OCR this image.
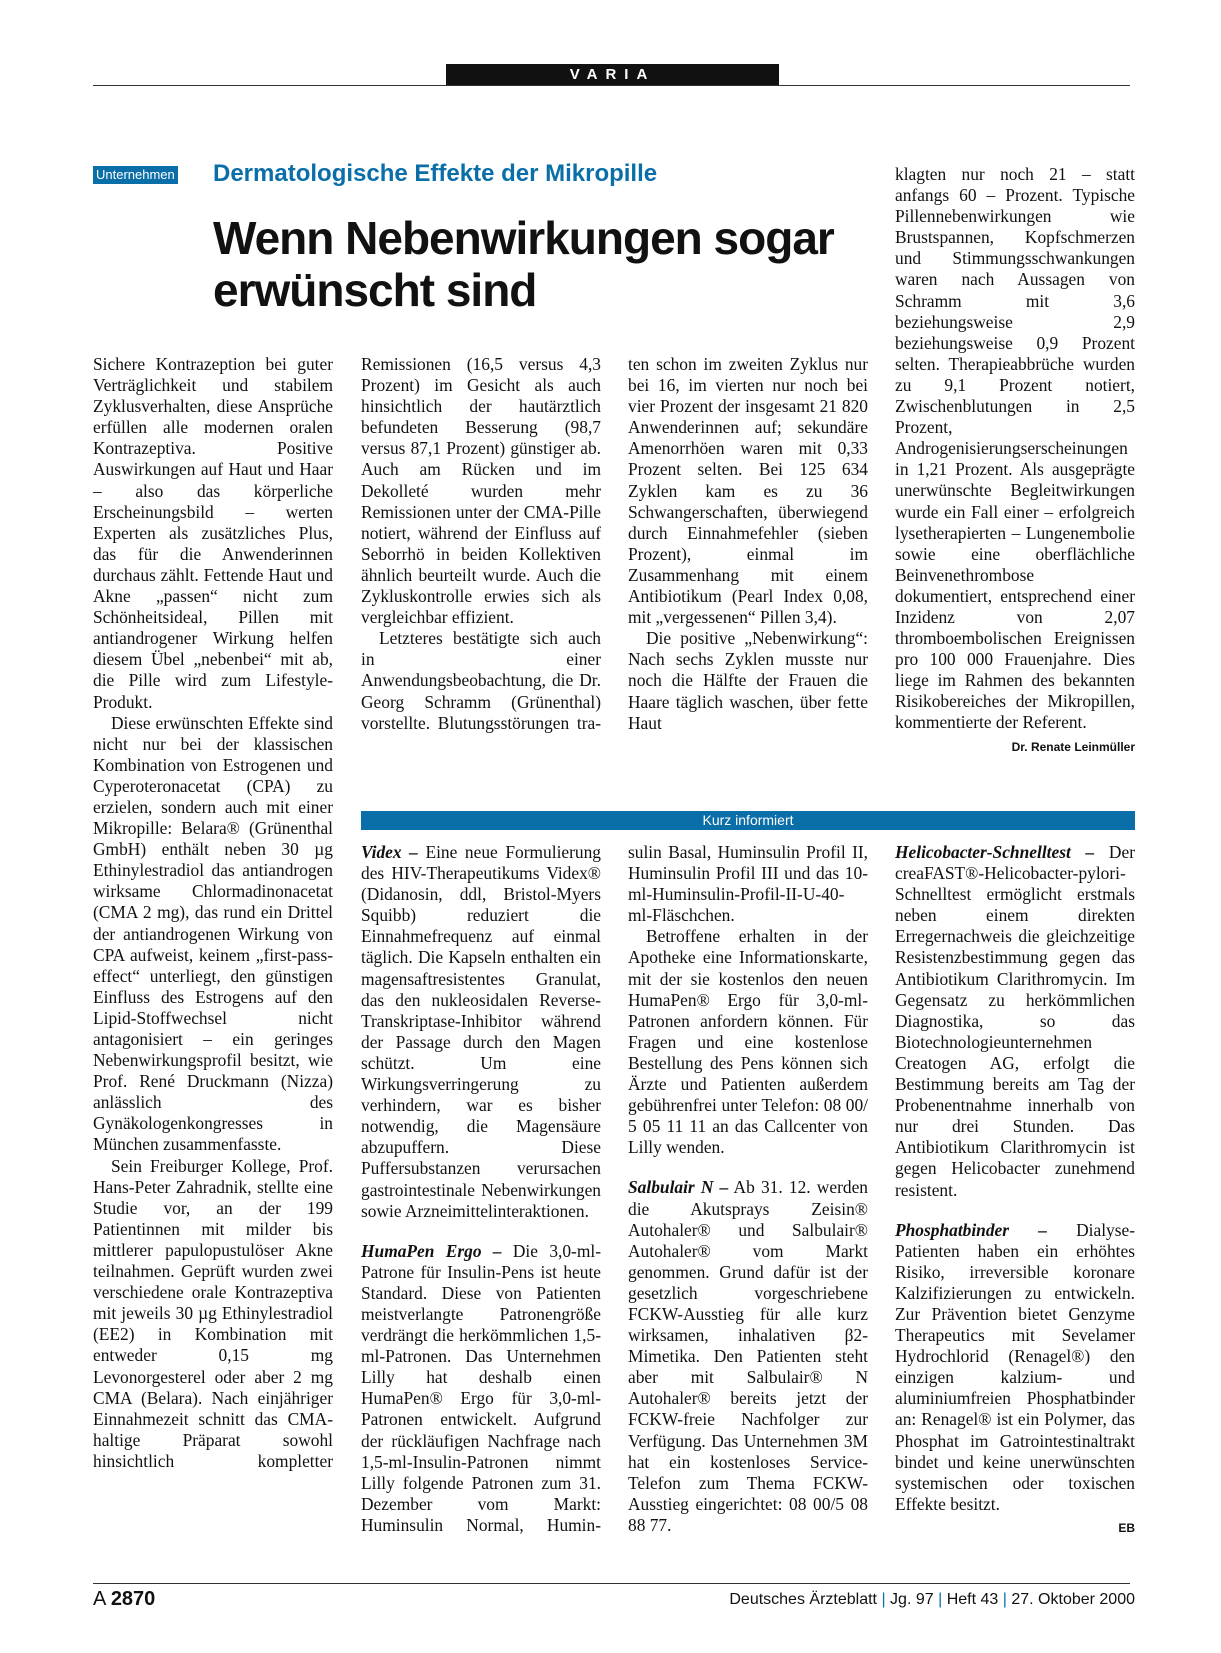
VARIA
Unternehmen Dermatologische Effekte der Mikropille
Wenn Nebenwirkungen sogar erwünscht sind

Sichere Kontrazeption bei guter Verträglichkeit und stabilem Zyklusverhalten, diese Ansprüche erfüllen alle modernen oralen Kontrazeptiva. Positive Auswirkungen auf Haut und Haar – also das körperliche Erscheinungsbild – werten Experten als zusätzliches Plus, das für die Anwenderinnen durchaus zählt. Fettende Haut und Akne „passen“ nicht zum Schönheitsideal, Pillen mit antiandrogener Wirkung helfen diesem Übel „nebenbei“ mit ab, die Pille wird zum Lifestyle-Produkt.

Diese erwünschten Effekte sind nicht nur bei der klassischen Kombination von Estrogenen und Cyperoteronacetat (CPA) zu erzielen, sondern auch mit einer Mikropille: Belara® (Grünenthal GmbH) enthält neben 30 µg Ethinylestradiol das antiandrogen wirksame Chlormadinonacetat (CMA 2 mg), das rund ein Drittel der antiandrogenen Wirkung von CPA aufweist, keinem „first-pass-effect“ unterliegt, den günstigen Einfluss des Estrogens auf den Lipid-Stoffwechsel nicht antagonisiert – ein geringes Nebenwirkungsprofil besitzt, wie Prof. René Druckmann (Nizza) anlässlich des Gynäkologenkongresses in München zusammenfasste.

Sein Freiburger Kollege, Prof. Hans-Peter Zahradnik, stellte eine Studie vor, an der 199 Patientinnen mit milder bis mittlerer papulopustulöser Akne teilnahmen. Geprüft wurden zwei verschiedene orale Kontrazeptiva mit jeweils 30 µg Ethinylestradiol (EE2) in Kombination mit entweder 0,15 mg Levonorgesterel oder aber 2 mg CMA (Belara). Nach einjähriger Einnahmezeit schnitt das CMA-haltige Präparat sowohl hinsichtlich kompletter

Remissionen (16,5 versus 4,3 Prozent) im Gesicht als auch hinsichtlich der hautärztlich befundeten Besserung (98,7 versus 87,1 Prozent) günstiger ab. Auch am Rücken und im Dekolleté wurden mehr Remissionen unter der CMA-Pille notiert, während der Einfluss auf Seborrhö in beiden Kollektiven ähnlich beurteilt wurde. Auch die Zykluskontrolle erwies sich als vergleichbar effizient.

Letzteres bestätigte sich auch in einer Anwendungsbeobachtung, die Dr. Georg Schramm (Grünenthal) vorstellte. Blutungsstörungen tra-

ten schon im zweiten Zyklus nur bei 16, im vierten nur noch bei vier Prozent der insgesamt 21 820 Anwenderinnen auf; sekundäre Amenorrhöen waren mit 0,33 Prozent selten. Bei 125 634 Zyklen kam es zu 36 Schwangerschaften, überwiegend durch Einnahmefehler (sieben Prozent), einmal im Zusammenhang mit einem Antibiotikum (Pearl Index 0,08, mit „vergessenen“ Pillen 3,4).

Die positive „Nebenwirkung“: Nach sechs Zyklen musste nur noch die Hälfte der Frauen die Haare täglich waschen, über fette Haut

klagten nur noch 21 – statt anfangs 60 – Prozent. Typische Pillennebenwirkungen wie Brustspannen, Kopfschmerzen und Stimmungsschwankungen waren nach Aussagen von Schramm mit 3,6 beziehungsweise 2,9 beziehungsweise 0,9 Prozent selten. Therapieabbrüche wurden zu 9,1 Prozent notiert, Zwischenblutungen in 2,5 Prozent, Androgenisierungserscheinungen in 1,21 Prozent. Als ausgeprägte unerwünschte Begleitwirkungen wurde ein Fall einer – erfolgreich lysetherapierten – Lungenembolie sowie eine oberflächliche Beinvenethrombose dokumentiert, entsprechend einer Inzidenz von 2,07 thromboembolischen Ereignissen pro 100 000 Frauenjahre. Dies liege im Rahmen des bekannten Risikobereiches der Mikropillen, kommentierte der Referent.

Dr. Renate Leinmüller
Kurz informiert

Videx – Eine neue Formulierung des HIV-Therapeutikums Videx® (Didanosin, ddl, Bristol-Myers Squibb) reduziert die Einnahmefrequenz auf einmal täglich. Die Kapseln enthalten ein magensaftresistentes Granulat, das den nukleosidalen Reverse-Transkriptase-Inhibitor während der Passage durch den Magen schützt. Um eine Wirkungsverringerung zu verhindern, war es bisher notwendig, die Magensäure abzupuffern. Diese Puffersubstanzen verursachen gastrointestinale Nebenwirkungen sowie Arzneimittelinteraktionen.

HumaPen Ergo – Die 3,0-ml-Patrone für Insulin-Pens ist heute Standard. Diese von Patienten meistverlangte Patronengröße verdrängt die herkömmlichen 1,5-ml-Patronen. Das Unternehmen Lilly hat deshalb einen HumaPen® Ergo für 3,0-ml-Patronen entwickelt. Aufgrund der rückläufigen Nachfrage nach 1,5-ml-Insulin-Patronen nimmt Lilly folgende Patronen zum 31. Dezember vom Markt: Huminsulin Normal, Humin-

sulin Basal, Huminsulin Profil II, Huminsulin Profil III und das 10-ml-Huminsulin-Profil-II-U-40-ml-Fläschchen.

Betroffene erhalten in der Apotheke eine Informationskarte, mit der sie kostenlos den neuen HumaPen® Ergo für 3,0-ml-Patronen anfordern können. Für Fragen und eine kostenlose Bestellung des Pens können sich Ärzte und Patienten außerdem gebührenfrei unter Telefon: 08 00/ 5 05 11 11 an das Callcenter von Lilly wenden.

Salbulair N – Ab 31. 12. werden die Akutsprays Zeisin® Autohaler® und Salbulair® Autohaler® vom Markt genommen. Grund dafür ist der gesetzlich vorgeschriebene FCKW-Ausstieg für alle kurz wirksamen, inhalativen β2-Mimetika. Den Patienten steht aber mit Salbulair® N Autohaler® bereits jetzt der FCKW-freie Nachfolger zur Verfügung. Das Unternehmen 3M hat ein kostenloses Service-Telefon zum Thema FCKW-Ausstieg eingerichtet: 08 00/5 08 88 77.

Helicobacter-Schnelltest – Der creaFAST®-Helicobacter-pylori-Schnelltest ermöglicht erstmals neben einem direkten Erregernachweis die gleichzeitige Resistenzbestimmung gegen das Antibiotikum Clarithromycin. Im Gegensatz zu herkömmlichen Diagnostika, so das Biotechnologieunternehmen Creatogen AG, erfolgt die Bestimmung bereits am Tag der Probenentnahme innerhalb von nur drei Stunden. Das Antibiotikum Clarithromycin ist gegen Helicobacter zunehmend resistent.

Phosphatbinder – Dialyse-Patienten haben ein erhöhtes Risiko, irreversible koronare Kalzifizierungen zu entwickeln. Zur Prävention bietet Genzyme Therapeutics mit Sevelamer Hydrochlorid (Renagel®) den einzigen kalzium- und aluminiumfreien Phosphatbinder an: Renagel® ist ein Polymer, das Phosphat im Gatrointestinaltrakt bindet und keine unerwünschten systemischen oder toxischen Effekte besitzt.

EB
A 2870	Deutsches Ärzteblatt | Jg. 97 | Heft 43 | 27. Oktober 2000
